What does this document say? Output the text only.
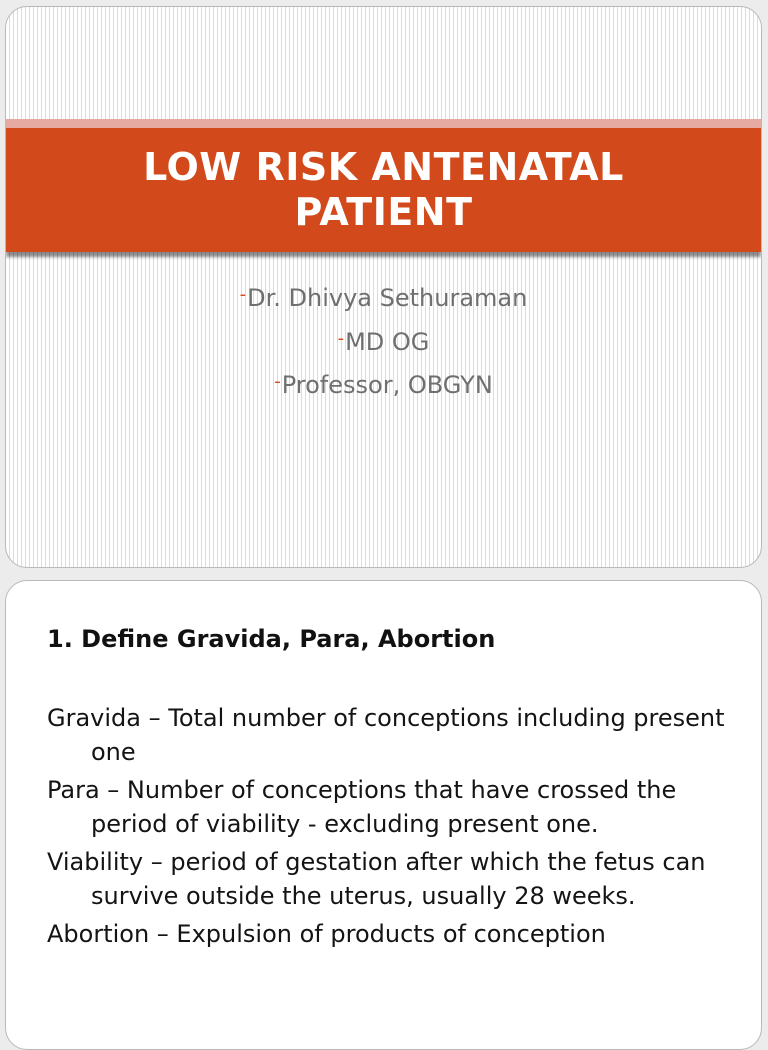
LOW RISK ANTENATAL PATIENT
-Dr. Dhivya Sethuraman
-MD OG
-Professor, OBGYN
1. Define Gravida, Para, Abortion
Gravida – Total number of conceptions including present one
Para – Number of conceptions that have crossed the period of viability - excluding present one.
Viability – period of gestation after which the fetus can survive outside the uterus, usually 28 weeks.
Abortion – Expulsion of products of conception
